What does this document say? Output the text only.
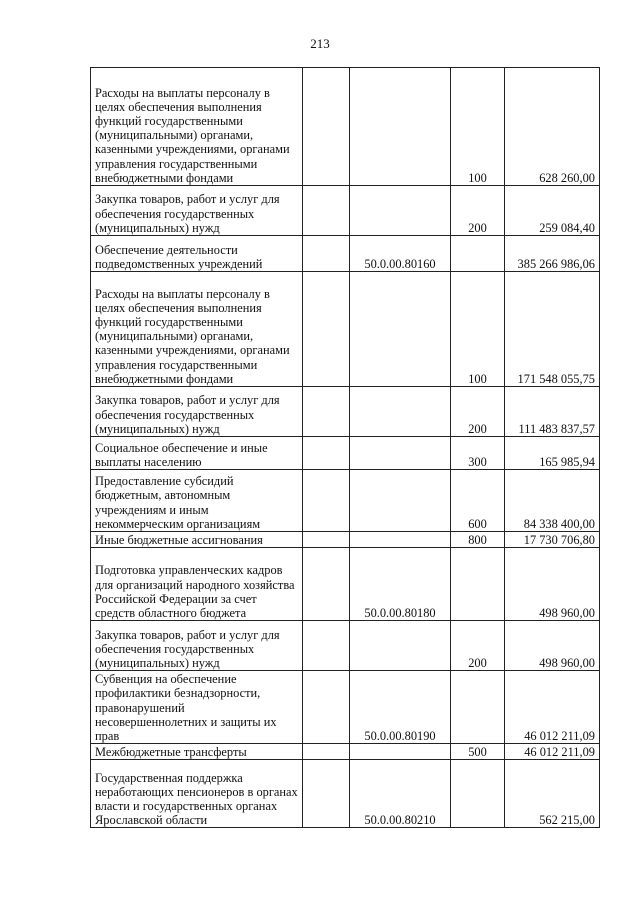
213
Расходы на выплаты персоналу в целях обеспечения выполнения функций государственными (муниципальными) органами, казенными учреждениями, органами управления государственными внебюджетными фондами			100	628 260,00
Закупка товаров, работ и услуг для обеспечения государственных (муниципальных) нужд			200	259 084,40
Обеспечение деятельности подведомственных учреждений		50.0.00.80160		385 266 986,06
Расходы на выплаты персоналу в целях обеспечения выполнения функций государственными (муниципальными) органами, казенными учреждениями, органами управления государственными внебюджетными фондами			100	171 548 055,75
Закупка товаров, работ и услуг для обеспечения государственных (муниципальных) нужд			200	111 483 837,57
Социальное обеспечение и иные выплаты населению			300	165 985,94
Предоставление субсидий бюджетным, автономным учреждениям и иным некоммерческим организациям			600	84 338 400,00
Иные бюджетные ассигнования			800	17 730 706,80
Подготовка управленческих кадров для организаций народного хозяйства Российской Федерации за счет средств областного бюджета		50.0.00.80180		498 960,00
Закупка товаров, работ и услуг для обеспечения государственных (муниципальных) нужд			200	498 960,00
Субвенция на обеспечение профилактики безнадзорности, правонарушений несовершеннолетних и защиты их прав		50.0.00.80190		46 012 211,09
Межбюджетные трансферты			500	46 012 211,09
Государственная поддержка неработающих пенсионеров в органах власти и государственных органах Ярославской области		50.0.00.80210		562 215,00
